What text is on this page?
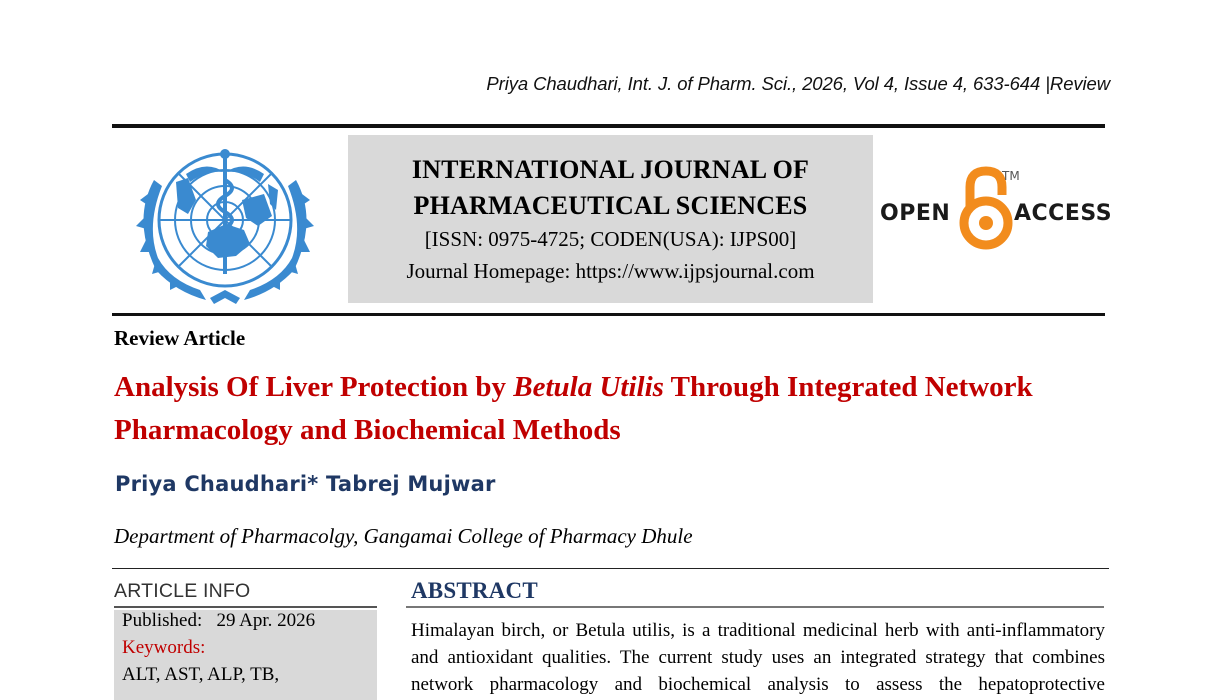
Priya Chaudhari, Int. J. of Pharm. Sci., 2026, Vol 4, Issue 4, 633-644 |Review
INTERNATIONAL JOURNAL OF
PHARMACEUTICAL SCIENCES
[ISSN: 0975-4725; CODEN(USA): IJPS00]
Journal Homepage: https://www.ijpsjournal.com
OPEN
TM
ACCESS
Review Article
Analysis Of Liver Protection by Betula Utilis Through Integrated Network Pharmacology and Biochemical Methods
Priya Chaudhari* Tabrej Mujwar
Department of Pharmacolgy, Gangamai College of Pharmacy Dhule
ARTICLE INFO
Published: 29 Apr. 2026
Keywords:
ALT, AST, ALP, TB,
ABSTRACT
Himalayan birch, or Betula utilis, is a traditional medicinal herb with anti-inflammatory
and antioxidant qualities. The current study uses an integrated strategy that combines
network pharmacology and biochemical analysis to assess the hepatoprotective
